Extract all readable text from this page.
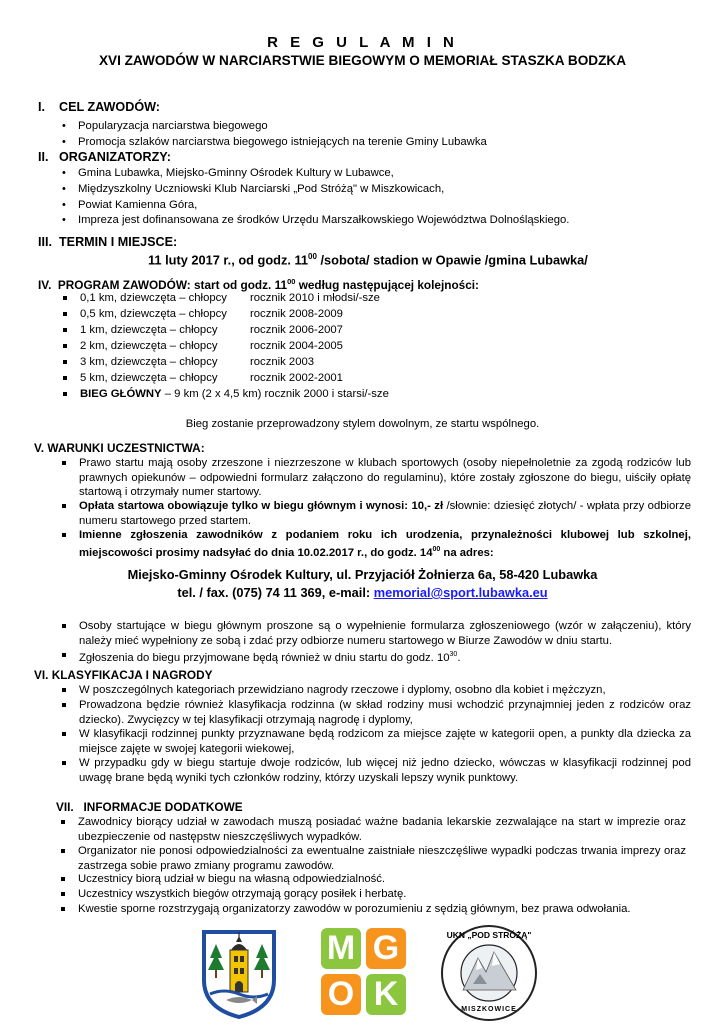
R E G U L A M I N
XVI ZAWODÓW W NARCIARSTWIE BIEGOWYM O MEMORIAŁ STASZKA BODZKA
I.    CEL ZAWODÓW:
• Popularyzacja narciarstwa biegowego
• Promocja szlaków narciarstwa biegowego istniejących na terenie Gminy Lubawka
II.   ORGANIZATORZY:
• Gmina Lubawka, Miejsko-Gminny Ośrodek Kultury w Lubawce,
• Międzyszkolny Uczniowski Klub Narciarski „Pod Stróżą" w Miszkowicach,
• Powiat Kamienna Góra,
• Impreza jest dofinansowana ze środków Urzędu Marszałkowskiego Województwa Dolnośląskiego.
III.  TERMIN I MIEJSCE:
11 luty 2017 r., od godz. $11^{00}$ /sobota/ stadion w Opawie /gmina Lubawka/
IV.  PROGRAM ZAWODÓW: start od godz. $11^{00}$ według następującej kolejności:
0,1 km, dziewczęta – chłopcy rocznik 2010 i młodsi/-sze
0,5 km, dziewczęta – chłopcy rocznik 2008-2009
1 km, dziewczęta – chłopcy	rocznik 2006-2007
2 km, dziewczęta – chłopcy	rocznik 2004-2005
3 km, dziewczęta – chłopcy	rocznik 2003
5 km, dziewczęta – chłopcy	rocznik 2002-2001
BIEG GŁÓWNY – 9 km (2 x 4,5 km) rocznik 2000 i starsi/-sze
Bieg zostanie przeprowadzony stylem dowolnym, ze startu wspólnego.
V. WARUNKI UCZESTNICTWA:
Prawo startu mają osoby zrzeszone i niezrzeszone w klubach sportowych (osoby niepełnoletnie za zgodą rodziców lub prawnych opiekunów – odpowiedni formularz załączono do regulaminu), które zostały zgłoszone do biegu, uiściły opłatę startową i otrzymały numer startowy.
Opłata startowa obowiązuje tylko w biegu głównym i wynosi: 10,- zł /słownie: dziesięć złotych/ - wpłata przy odbiorze numeru startowego przed startem.
Imienne zgłoszenia zawodników z podaniem roku ich urodzenia, przynależności klubowej lub szkolnej, miejscowości prosimy nadsyłać do dnia 10.02.2017 r., do godz. $14^{00}$ na adres:
Miejsko-Gminny Ośrodek Kultury, ul. Przyjaciół Żołnierza 6a, 58-420 Lubawka
tel. / fax. (075) 74 11 369, e-mail: memorial@sport.lubawka.eu
Osoby startujące w biegu głównym proszone są o wypełnienie formularza zgłoszeniowego (wzór w załączeniu), który należy mieć wypełniony ze sobą i zdać przy odbiorze numeru startowego w Biurze Zawodów w dniu startu.
Zgłoszenia do biegu przyjmowane będą również w dniu startu do godz. $10^{30}$.
VI. KLASYFIKACJA I NAGRODY
W poszczególnych kategoriach przewidziano nagrody rzeczowe i dyplomy, osobno dla kobiet i mężczyzn,
Prowadzona będzie również klasyfikacja rodzinna (w skład rodziny musi wchodzić przynajmniej jeden z rodziców oraz dziecko). Zwycięzcy w tej klasyfikacji otrzymają nagrodę i dyplomy,
W klasyfikacji rodzinnej punkty przyznawane będą rodzicom za miejsce zajęte w kategorii open, a punkty dla dziecka za miejsce zajęte w swojej kategorii wiekowej,
W przypadku gdy w biegu startuje dwoje rodziców, lub więcej niż jedno dziecko, wówczas w klasyfikacji rodzinnej pod uwagę brane będą wyniki tych członków rodziny, którzy uzyskali lepszy wynik punktowy.
VII.   INFORMACJE DODATKOWE
Zawodnicy biorący udział w zawodach muszą posiadać ważne badania lekarskie zezwalające na start w imprezie oraz ubezpieczenie od następstw nieszczęśliwych wypadków.
Organizator nie ponosi odpowiedzialności za ewentualne zaistniałe nieszczęśliwe wypadki podczas trwania imprezy oraz zastrzega sobie prawo zmiany programu zawodów.
Uczestnicy biorą udział w biegu na własną odpowiedzialność.
Uczestnicy wszystkich biegów otrzymają gorący posiłek i herbatę.
Kwestie sporne rozstrzygają organizatorzy zawodów w porozumieniu z sędzią głównym, bez prawa odwołania.
M G
O K
UKN „POD STRÓŻĄ"
MISZKOWICE
